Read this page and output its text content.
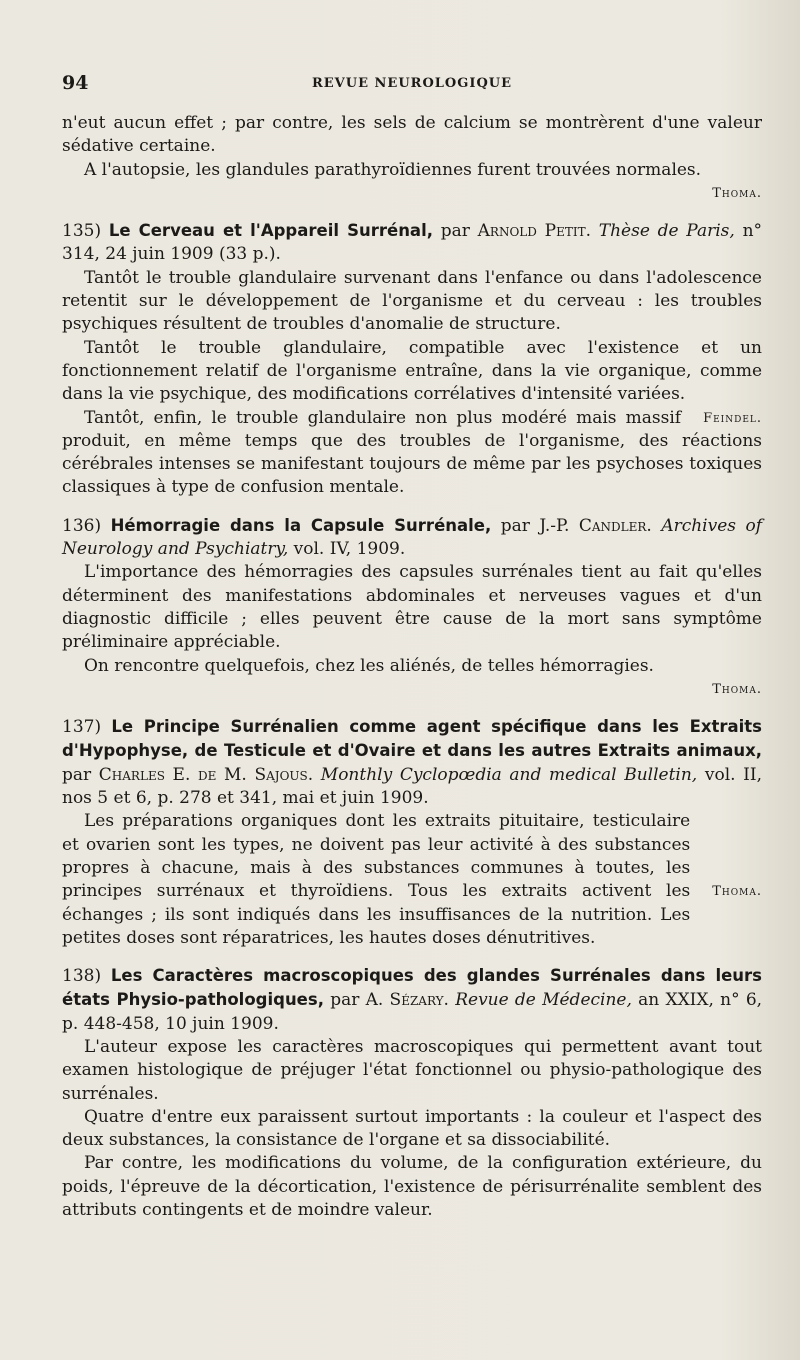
94	REVUE NEUROLOGIQUE

n'eut aucun effet ; par contre, les sels de calcium se montrèrent d'une valeur sédative certaine.

A l'autopsie, les glandules parathyroïdiennes furent trouvées normales.

Thoma.

135) Le Cerveau et l'Appareil Surrénal, par Arnold Petit. Thèse de Paris, n° 314, 24 juin 1909 (33 p.).

Tantôt le trouble glandulaire survenant dans l'enfance ou dans l'adolescence retentit sur le développement de l'organisme et du cerveau : les troubles psychiques résultent de troubles d'anomalie de structure.

Tantôt le trouble glandulaire, compatible avec l'existence et un fonctionnement relatif de l'organisme entraîne, dans la vie organique, comme dans la vie psychique, des modifications corrélatives d'intensité variées.

Feindel.
Tantôt, enfin, le trouble glandulaire non plus modéré mais massif produit, en même temps que des troubles de l'organisme, des réactions cérébrales intenses se manifestant toujours de même par les psychoses toxiques classiques à type de confusion mentale.

136) Hémorragie dans la Capsule Surrénale, par J.-P. Candler. Archives of Neurology and Psychiatry, vol. IV, 1909.

L'importance des hémorragies des capsules surrénales tient au fait qu'elles déterminent des manifestations abdominales et nerveuses vagues et d'un diagnostic difficile ; elles peuvent être cause de la mort sans symptôme préliminaire appréciable.

On rencontre quelquefois, chez les aliénés, de telles hémorragies.

Thoma.

137) Le Principe Surrénalien comme agent spécifique dans les Extraits d'Hypophyse, de Testicule et d'Ovaire et dans les autres Extraits animaux, par Charles E. de M. Sajous. Monthly Cyclopœdia and medical Bulletin, vol. II, nos 5 et 6, p. 278 et 341, mai et juin 1909.

Thoma.
Les préparations organiques dont les extraits pituitaire, testiculaire et ovarien sont les types, ne doivent pas leur activité à des substances propres à chacune, mais à des substances communes à toutes, les principes surrénaux et thyroïdiens. Tous les extraits activent les échanges ; ils sont indiqués dans les insuffisances de la nutrition. Les petites doses sont réparatrices, les hautes doses dénutritives.

138) Les Caractères macroscopiques des glandes Surrénales dans leurs états Physio-pathologiques, par A. Sézary. Revue de Médecine, an XXIX, n° 6, p. 448-458, 10 juin 1909.

L'auteur expose les caractères macroscopiques qui permettent avant tout examen histologique de préjuger l'état fonctionnel ou physio-pathologique des surrénales.

Quatre d'entre eux paraissent surtout importants : la couleur et l'aspect des deux substances, la consistance de l'organe et sa dissociabilité.

Par contre, les modifications du volume, de la configuration extérieure, du poids, l'épreuve de la décortication, l'existence de périsurrénalite semblent des attributs contingents et de moindre valeur.
